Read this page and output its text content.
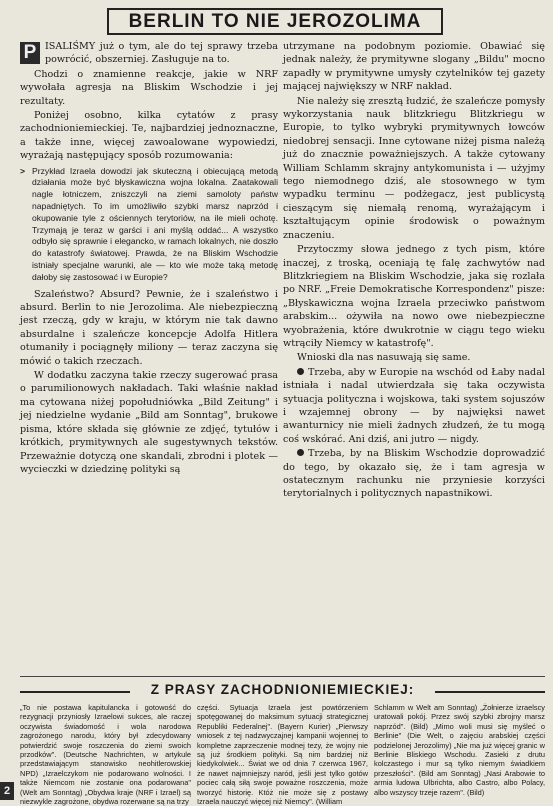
BERLIN TO NIE JEROZOLIMA

P ISALIŚMY już o tym, ale do tej sprawy trzeba powrócić, obszerniej. Zasługuje na to.

Chodzi o znamienne reakcje, jakie w NRF wywołała agresja na Bliskim Wschodzie i jej rezultaty.

Poniżej osobno, kilka cytatów z prasy zachodnioniemieckiej. Te, najbardziej jednoznaczne, a także inne, więcej zawoalowane wypowiedzi, wyrażają następujący sposób rozumowania:

> Przykład Izraela dowodzi jak skuteczną i obiecującą metodą działania może być błyskawiczna wojna lokalna. Zaatakowali nagle łotniczem, zniszczyli na ziemi samoloty państw napadniętych. To im umożliwiło szybki marsz naprzód i okupowanie tyle z ościennych terytoriów, na ile mieli ochotę. Trzymają je teraz w garści i ani myślą oddać... A wszystko odbyło się sprawnie i elegancko, w ramach lokalnych, nie doszło do katastrofy światowej. Prawda, że na Bliskim Wschodzie istniały specjalne warunki, ale — kto wie może taką metodę dałoby się zastosować i w Europie?

Szaleństwo? Absurd? Pewnie, że i szaleństwo i absurd. Berlin to nie Jerozolima. Ale niebezpieczną jest rzeczą, gdy w kraju, w którym nie tak dawno absurdalne i szaleńcze koncepcje Adolfa Hitlera otumaniły i pociągnęły miliony — teraz zaczyna się mówić o takich rzeczach.

W dodatku zaczyna takie rzeczy sugerować prasa o parumilionowych nakładach. Taki właśnie nakład ma cytowana niżej popołudniówka „Bild Zeitung" i jej niedzielne wydanie „Bild am Sonntag", brukowe pisma, które składa się głównie ze zdjęć, tytułów i krótkich, prymitywnych ale sugestywnych tekstów. Przeważnie dotyczą one skandali, zbrodni i plotek — wycieczki w dziedzinę polityki są

utrzymane na podobnym poziomie. Obawiać się jednak należy, że prymitywne slogany „Bildu" mocno zapadły w prymitywne umysły czytelników tej gazety mającej największy w NRF nakład.

Nie należy się zresztą łudzić, że szaleńcze pomysły wykorzystania nauk blitzkriegu Blitzkriegu w Europie, to tylko wybryki prymitywnych łowców niedobrej sensacji. Inne cytowane niżej pisma należą już do znacznie poważniejszych. A także cytowany William Schlamm skrajny antykomunista i — użyjmy tego niemodnego dziś, ale stosownego w tym wypadku terminu — podżegacz, jest publicystą cieszącym się niemałą renomą, wyrażającym i kształtującym opinie środowisk o poważnym znaczeniu.

Przytoczmy słowa jednego z tych pism, które inaczej, z troską, oceniają tę falę zachwytów nad Blitzkriegiem na Bliskim Wschodzie, jaka się rozlała po NRF. „Freie Demokratische Korrespondenz" pisze: „Błyskawiczna wojna Izraela przeciwko państwom arabskim... ożywiła na nowo owe niebezpieczne wyobrażenia, które dwukrotnie w ciągu tego wieku wtrąciły Niemcy w katastrofę".

Wnioski dla nas nasuwają się same.

Trzeba, aby w Europie na wschód od Łaby nadal istniała i nadal utwierdzała się taka oczywista sytuacja polityczna i wojskowa, taki system sojuszów i wzajemnej obrony — by najwięksi nawet awanturnicy nie mieli żadnych złudzeń, że tu mogą coś wskórać. Ani dziś, ani jutro — nigdy.

Trzeba, by na Bliskim Wschodzie doprowadzić do tego, by okazało się, że i tam agresja w ostatecznym rachunku nie przyniesie korzyści terytorialnych i politycznych napastnikowi.

Z PRASY ZACHODNIONIEMIECKIEJ:

„To nie postawa kapitulancka i gotowość do rezygnacji przyniosły Izraelowi sukces, ale raczej oczywista świadomość i wola narodowa zagrożonego narodu, który był zdecydowany potwierdzić swoje roszczenia do ziemi swoich przodków". (Deutsche Nachrichten, w artykule przedstawiającym stanowisko neohitlerowskiej NPD) „Izraelczykom nie podarowano wolności. I także Niemcom nie zostanie ona podarowana" (Welt am Sonntag) „Obydwa kraje (NRF i Izrael) są niezwykle zagrożone, obydwa rozerwane są na trzy

części. Sytuacja Izraela jest powtórzeniem spotęgowanej do maksimum sytuacji strategicznej Republiki Federalnej". (Bayern Kurier) „Pierwszy wniosek z tej nadzwyczajnej kampanii wojennej to kompletne zaprzeczenie modnej tezy, że wojny nie są już środkiem polityki. Są nim bardziej niż kiedykolwiek... Świat we od dnia 7 czerwca 1967, że nawet najmniejszy naród, jeśli jest tylko gotów pociec całą siłą swoje poważne roszczenia, może tworzyć historię. Któż nie może się z postawy Izraela nauczyć więcej niż Niemcy". (William

Schlamm w Welt am Sonntag) „Żołnierze izraelscy uratowali pokój. Przez swój szybki zbrojny marsz naprzód". (Bild) „Mimo woli musi się myśleć o Berlinie" (Die Welt, o zajęciu arabskiej części podzielonej Jerozolimy) „Nie ma już więcej granic w Berlinie Bliskiego Wschodu. Zasieki z drutu kolczastego i mur są tylko niemym świadkiem przeszłości". (Bild am Sonntag) „Nasi Arabowie to armia ludowa Ulbrichta, albo Castro, albo Polacy, albo wszyscy trzeje razem". (Bild)

2
